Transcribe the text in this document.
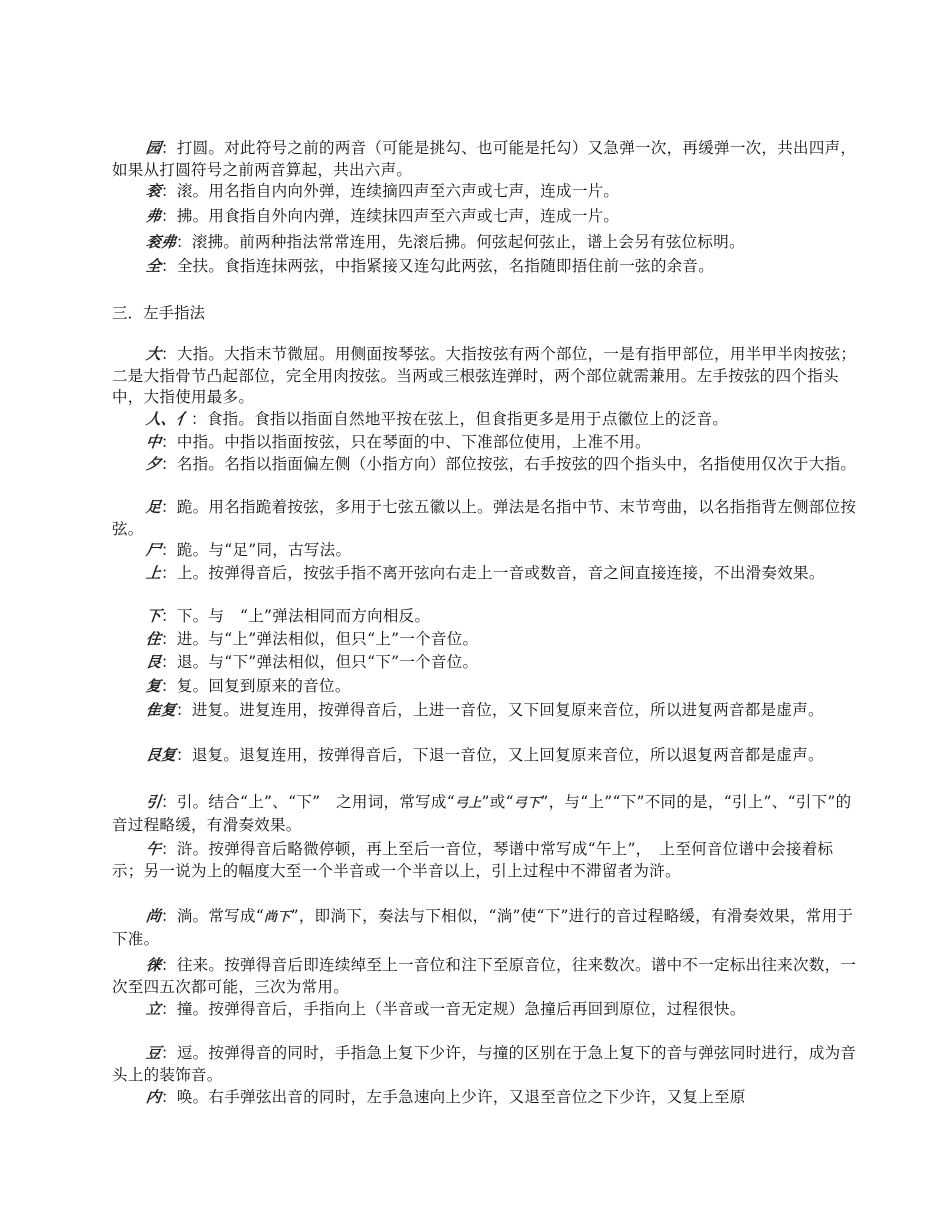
园：打圆。对此符号之前的两音（可能是挑勾、也可能是托勾）又急弹一次，再缓弹一次，共出四声，如果从打圆符号之前两音算起，共出六声。
衮：滚。用名指自内向外弹，连续摘四声至六声或七声，连成一片。
弗：拂。用食指自外向内弹，连续抹四声至六声或七声，连成一片。
衮弗：滚拂。前两种指法常常连用，先滚后拂。何弦起何弦止，谱上会另有弦位标明。
全：全扶。食指连抹两弦，中指紧接又连勾此两弦，名指随即捂住前一弦的余音。
三．左手指法
大：大指。大指末节微屈。用侧面按琴弦。大指按弦有两个部位，一是有指甲部位，用半甲半肉按弦；二是大指骨节凸起部位，完全用肉按弦。当两或三根弦连弹时，两个部位就需兼用。左手按弦的四个指头中，大指使用最多。
人、亻：食指。食指以指面自然地平按在弦上，但食指更多是用于点徽位上的泛音。
中：中指。中指以指面按弦，只在琴面的中、下准部位使用，上准不用。
夕：名指。名指以指面偏左侧（小指方向）部位按弦，右手按弦的四个指头中，名指使用仅次于大指。
足：跪。用名指跪着按弦，多用于七弦五徽以上。弹法是名指中节、末节弯曲，以名指指背左侧部位按弦。
尸：跪。与“足”同，古写法。
上：上。按弹得音后，按弦手指不离开弦向右走上一音或数音，音之间直接连接，不出滑奏效果。
下：下。与　“上”弹法相同而方向相反。
住：进。与“上”弹法相似，但只“上”一个音位。
艮：退。与“下”弹法相似，但只“下”一个音位。
复：复。回复到原来的音位。
隹复：进复。进复连用，按弹得音后，上进一音位，又下回复原来音位，所以进复两音都是虚声。
艮复：退复。退复连用，按弹得音后，下退一音位，又上回复原来音位，所以退复两音都是虚声。
引：引。结合“上”、“下”　之用词，常写成“弓上”或“弓下”，与“上”“下”不同的是，“引上”、“引下”的音过程略缓，有滑奏效果。
午：浒。按弹得音后略微停顿，再上至后一音位，琴谱中常写成“午上”，　上至何音位谱中会接着标示；另一说为上的幅度大至一个半音或一个半音以上，引上过程中不滞留者为浒。
尚：淌。常写成“尚下”，即淌下，奏法与下相似，“淌”使“下”进行的音过程略缓，有滑奏效果，常用于下准。
徕：往来。按弹得音后即连续绰至上一音位和注下至原音位，往来数次。谱中不一定标出往来次数，一次至四五次都可能，三次为常用。
立：撞。按弹得音后，手指向上（半音或一音无定规）急撞后再回到原位，过程很快。
豆：逗。按弹得音的同时，手指急上复下少许，与撞的区别在于急上复下的音与弹弦同时进行，成为音头上的装饰音。
内：唤。右手弹弦出音的同时，左手急速向上少许，又退至音位之下少许，又复上至原
